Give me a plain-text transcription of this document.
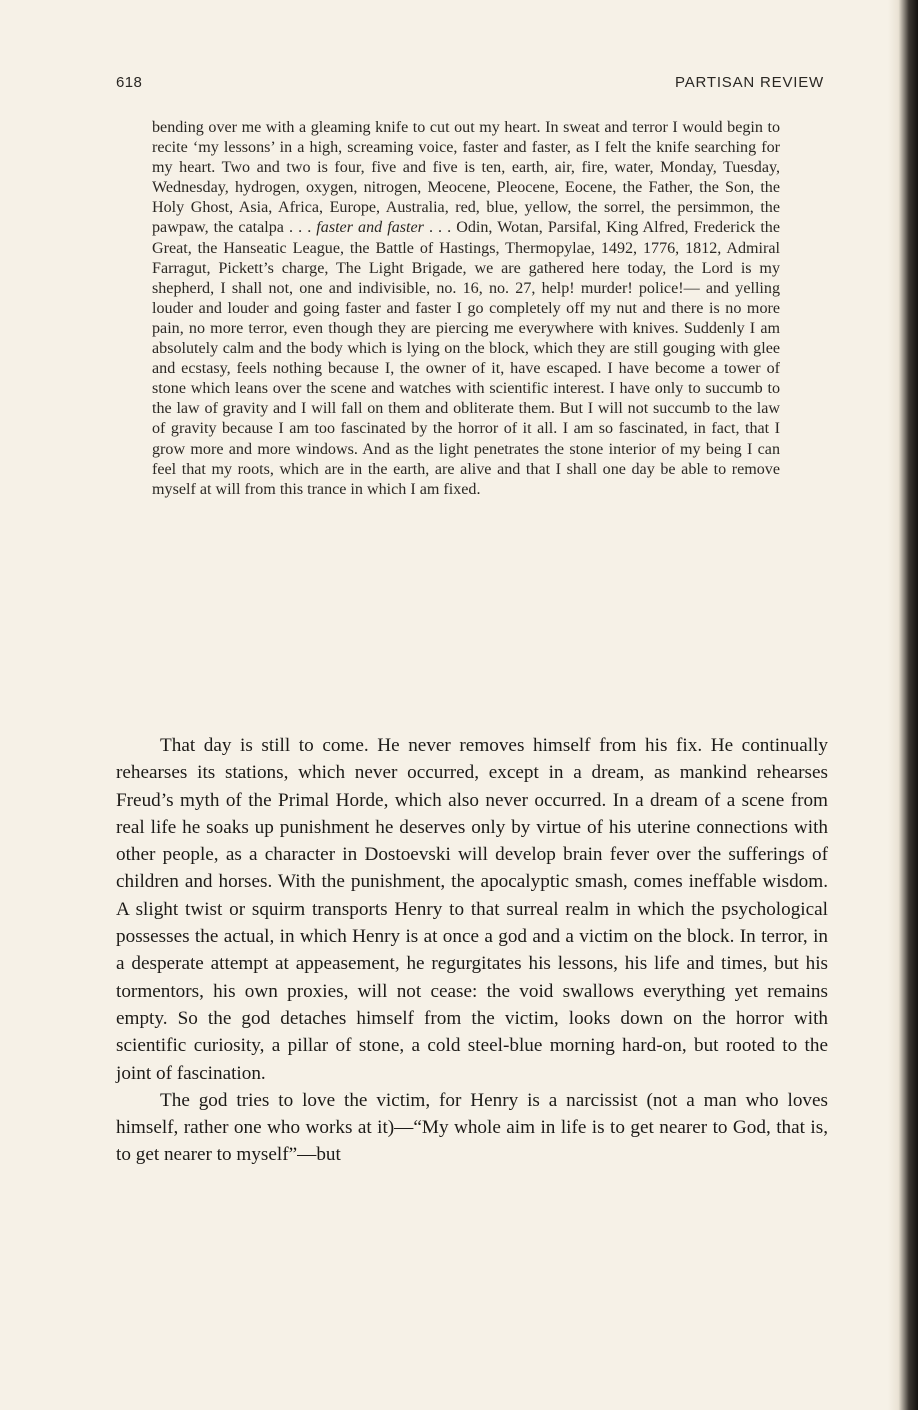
618	PARTISAN REVIEW

bending over me with a gleaming knife to cut out my heart. In sweat and terror I would begin to recite ‘my lessons’ in a high, screaming voice, faster and faster, as I felt the knife searching for my heart. Two and two is four, five and five is ten, earth, air, fire, water, Monday, Tuesday, Wednesday, hydrogen, oxygen, nitrogen, Meocene, Pleocene, Eocene, the Father, the Son, the Holy Ghost, Asia, Africa, Europe, Australia, red, blue, yellow, the sorrel, the persimmon, the pawpaw, the catalpa . . . faster and faster . . . Odin, Wotan, Parsifal, King Alfred, Frederick the Great, the Hanseatic League, the Battle of Hastings, Thermopylae, 1492, 1776, 1812, Admiral Farragut, Pickett’s charge, The Light Brigade, we are gathered here today, the Lord is my shepherd, I shall not, one and indivisible, no. 16, no. 27, help! murder! police!— and yelling louder and louder and going faster and faster I go completely off my nut and there is no more pain, no more terror, even though they are piercing me everywhere with knives. Suddenly I am absolutely calm and the body which is lying on the block, which they are still gouging with glee and ecstasy, feels nothing because I, the owner of it, have escaped. I have become a tower of stone which leans over the scene and watches with scientific interest. I have only to succumb to the law of gravity and I will fall on them and obliterate them. But I will not succumb to the law of gravity because I am too fascinated by the horror of it all. I am so fascinated, in fact, that I grow more and more windows. And as the light penetrates the stone interior of my being I can feel that my roots, which are in the earth, are alive and that I shall one day be able to remove myself at will from this trance in which I am fixed.

That day is still to come. He never removes himself from his fix. He continually rehearses its stations, which never occurred, except in a dream, as mankind rehearses Freud’s myth of the Primal Horde, which also never occurred. In a dream of a scene from real life he soaks up punishment he deserves only by virtue of his uterine connections with other people, as a character in Dostoevski will develop brain fever over the sufferings of children and horses. With the punishment, the apocalyptic smash, comes ineffable wisdom. A slight twist or squirm transports Henry to that surreal realm in which the psychological possesses the actual, in which Henry is at once a god and a victim on the block. In terror, in a desperate attempt at appeasement, he regurgitates his lessons, his life and times, but his tormentors, his own proxies, will not cease: the void swallows everything yet remains empty. So the god detaches himself from the victim, looks down on the horror with scientific curiosity, a pillar of stone, a cold steel-blue morning hard-on, but rooted to the joint of fascination.

The god tries to love the victim, for Henry is a narcissist (not a man who loves himself, rather one who works at it)—“My whole aim in life is to get nearer to God, that is, to get nearer to myself”—but
